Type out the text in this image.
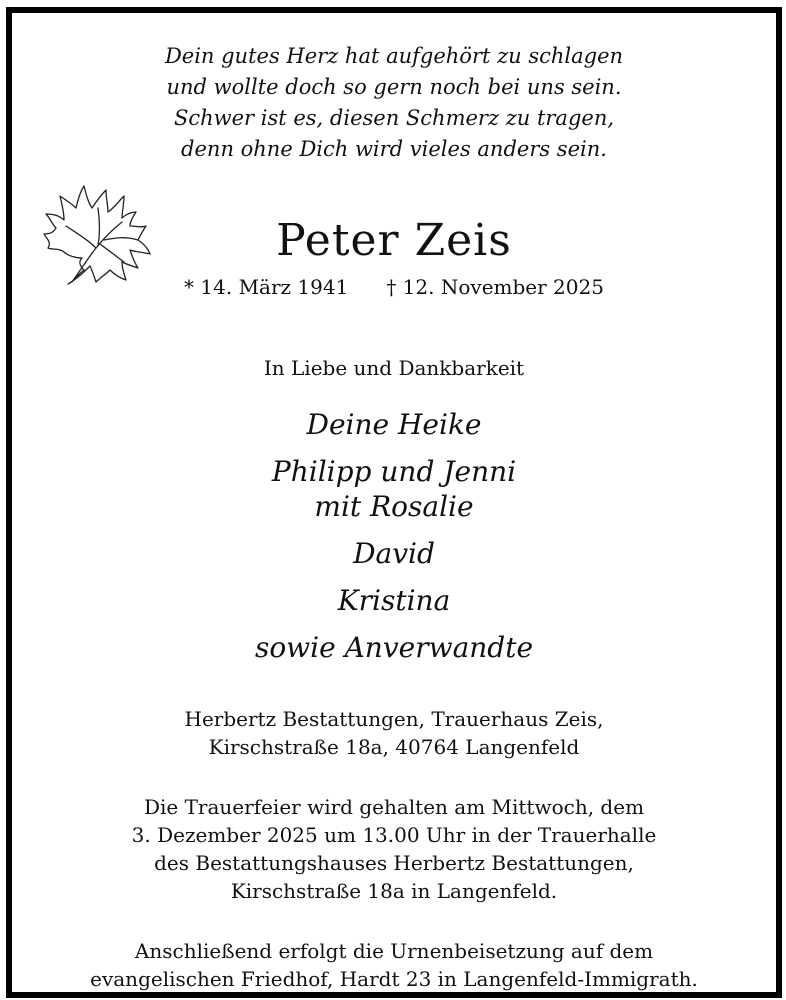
Dein gutes Herz hat aufgehört zu schlagen
und wollte doch so gern noch bei uns sein.
Schwer ist es, diesen Schmerz zu tragen,
denn ohne Dich wird vieles anders sein.
Peter Zeis
* 14. März 1941 † 12. November 2025
In Liebe und Dankbarkeit
Deine Heike
Philipp und Jenni
mit Rosalie
David
Kristina
sowie Anverwandte
Herbertz Bestattungen, Trauerhaus Zeis,
Kirschstraße 18a, 40764 Langenfeld
Die Trauerfeier wird gehalten am Mittwoch, dem
3. Dezember 2025 um 13.00 Uhr in der Trauerhalle
des Bestattungshauses Herbertz Bestattungen,
Kirschstraße 18a in Langenfeld.
Anschließend erfolgt die Urnenbeisetzung auf dem
evangelischen Friedhof, Hardt 23 in Langenfeld-Immigrath.
